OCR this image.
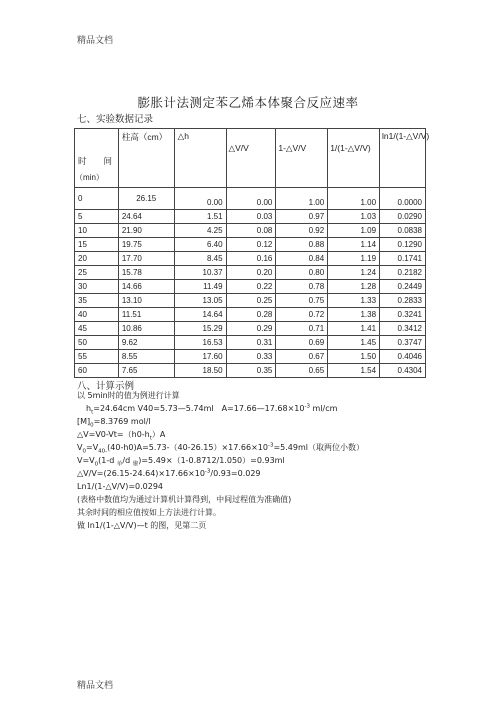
精品文档
膨胀计法测定苯乙烯本体聚合反应速率
七、实验数据记录
时　　间
（min）	柱高（cm）	△h	△V/V	1-△V/V	1/(1-△V/V)	ln1/(1-△V/V)

0	26.15	0.00	0.00	1.00	1.00	0.0000
5	24.64	1.51	0.03	0.97	1.03	0.0290
10	21.90	4.25	0.08	0.92	1.09	0.0838
15	19.75	6.40	0.12	0.88	1.14	0.1290
20	17.70	8.45	0.16	0.84	1.19	0.1741
25	15.78	10.37	0.20	0.80	1.24	0.2182
30	14.66	11.49	0.22	0.78	1.28	0.2449
35	13.10	13.05	0.25	0.75	1.33	0.2833
40	11.51	14.64	0.28	0.72	1.38	0.3241
45	10.86	15.29	0.29	0.71	1.41	0.3412
50	9.62	16.53	0.31	0.69	1.45	0.3747
55	8.55	17.60	0.33	0.67	1.50	0.4046
60	7.65	18.50	0.35	0.65	1.54	0.4304
八、计算示例
以 5min时的值为例进行计算
$h_t=24.64cm$ V40=5.73—5.74ml　$A=17.66—17.68\times 10^{-3}$ ml/cm
$[M]_0=8.3769$ mol/l
$\triangle V=V0-Vt=(h0-h_t)A$
$V_0=V_{40-}(40-h0)A=5.73-(40-26.15)\times 17.66\times 10^{-3}=5.49ml$（取两位小数）
$V=V_0(1-d$ $_单$/d $_聚$)=5.49×（1-0.8712/1.050）=0.93ml
$\triangle V/V=(26.15-24.64)\times 17.66\times 10^{-3}/0.93=0.029$
Ln1/(1-△V/V)=0.0294
(表格中数值均为通过计算机计算得到，中间过程值为准确值)
其余时间的相应值按如上方法进行计算。
做 ln1/(1-△V/V)—t 的图，见第二页
精品文档
